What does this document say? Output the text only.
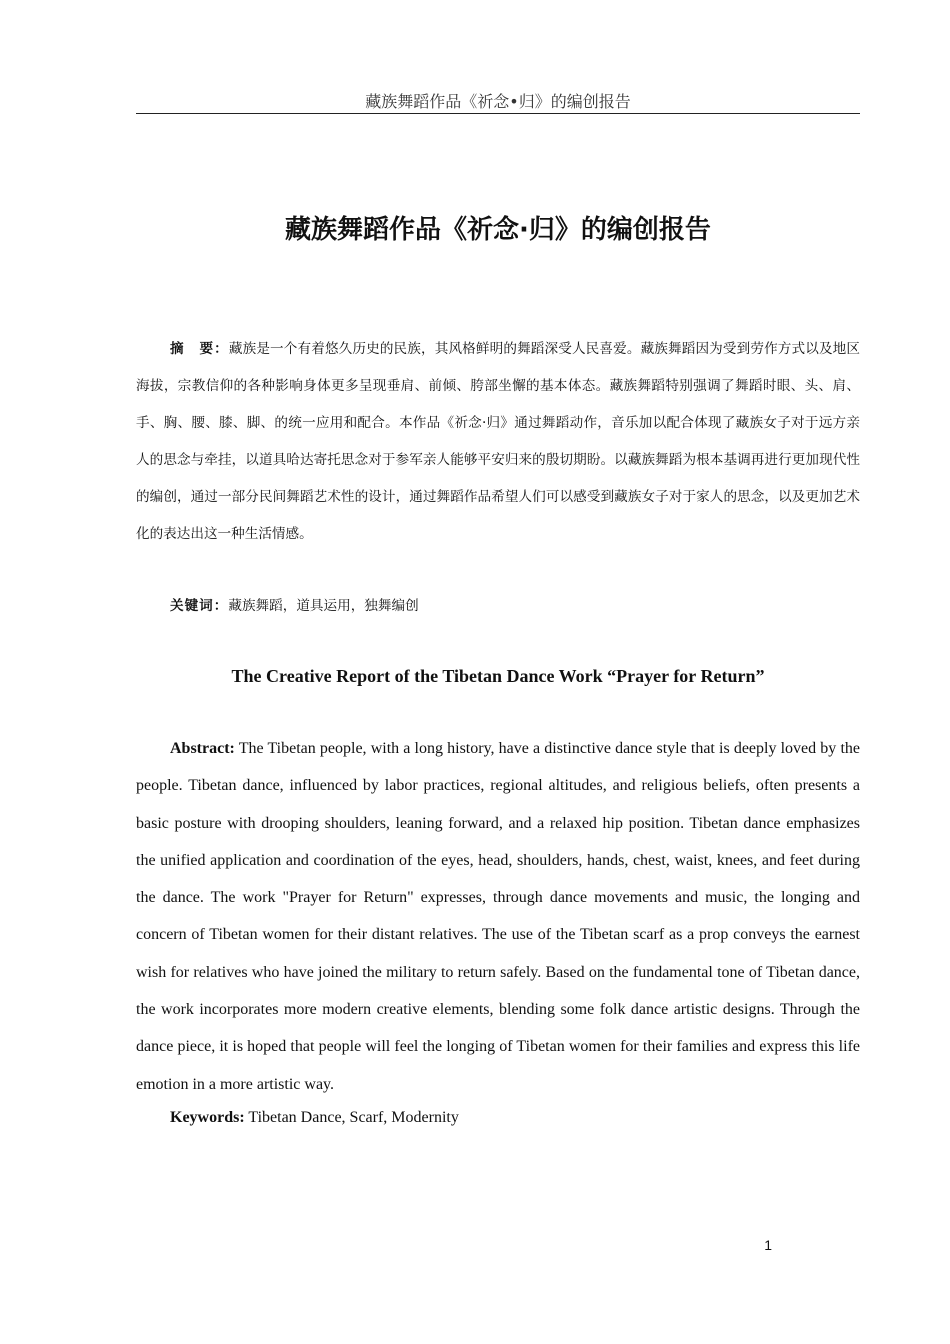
藏族舞蹈作品《祈念•归》的编创报告
藏族舞蹈作品《祈念·归》的编创报告

摘　要：藏族是一个有着悠久历史的民族，其风格鲜明的舞蹈深受人民喜爱。藏族舞蹈因为受到劳作方式以及地区海拔，宗教信仰的各种影响身体更多呈现垂肩、前倾、胯部坐懈的基本体态。藏族舞蹈特别强调了舞蹈时眼、头、肩、手、胸、腰、膝、脚、的统一应用和配合。本作品《祈念·归》通过舞蹈动作，音乐加以配合体现了藏族女子对于远方亲人的思念与牵挂，以道具哈达寄托思念对于参军亲人能够平安归来的殷切期盼。以藏族舞蹈为根本基调再进行更加现代性的编创，通过一部分民间舞蹈艺术性的设计，通过舞蹈作品希望人们可以感受到藏族女子对于家人的思念，以及更加艺术化的表达出这一种生活情感。

关键词：藏族舞蹈，道具运用，独舞编创

The Creative Report of the Tibetan Dance Work “Prayer for Return”

Abstract: The Tibetan people, with a long history, have a distinctive dance style that is deeply loved by the people. Tibetan dance, influenced by labor practices, regional altitudes, and religious beliefs, often presents a basic posture with drooping shoulders, leaning forward, and a relaxed hip position. Tibetan dance emphasizes the unified application and coordination of the eyes, head, shoulders, hands, chest, waist, knees, and feet during the dance. The work "Prayer for Return" expresses, through dance movements and music, the longing and concern of Tibetan women for their distant relatives. The use of the Tibetan scarf as a prop conveys the earnest wish for relatives who have joined the military to return safely. Based on the fundamental tone of Tibetan dance, the work incorporates more modern creative elements, blending some folk dance artistic designs. Through the dance piece, it is hoped that people will feel the longing of Tibetan women for their families and express this life emotion in a more artistic way.

Keywords: Tibetan Dance, Scarf, Modernity

1
